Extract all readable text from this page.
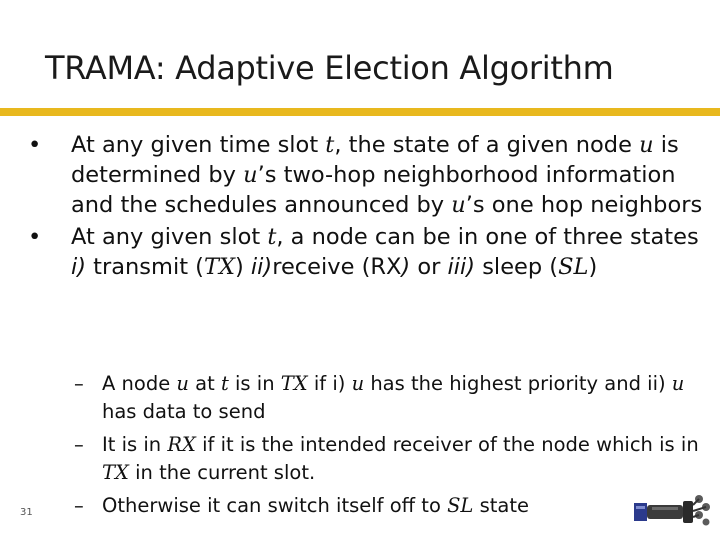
TRAMA: Adaptive Election Algorithm
• At any given time slot t, the state of a given node u is determined by u’s two-hop neighborhood information and the schedules announced by u’s one hop neighbors
• At any given slot t, a node can be in one of three states i) transmit (TX) ii)receive (RX) or iii) sleep (SL)
– A node u at t is in TX if i) u has the highest priority and ii) u has data to send
– It is in RX if it is the intended receiver of the node which is in TX in the current slot.
– Otherwise it can switch itself off to SL state
31
